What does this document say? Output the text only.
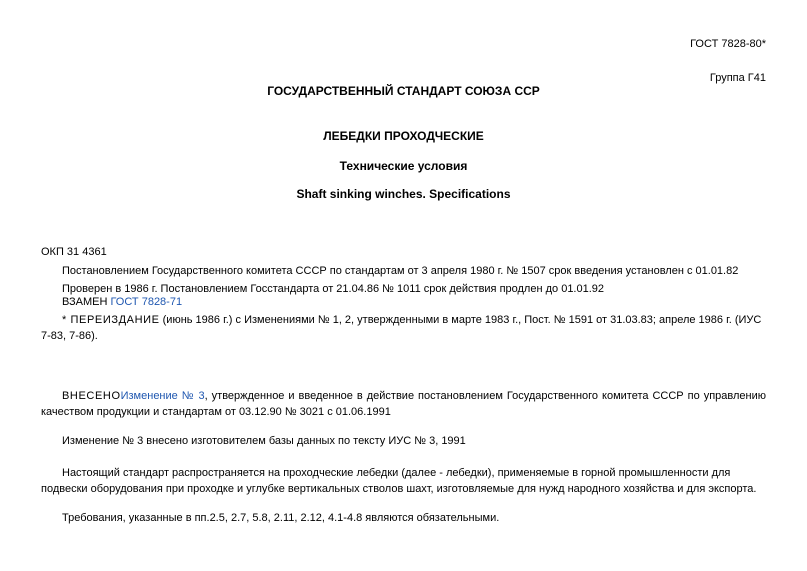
ГОСТ 7828-80*
Группа Г41
ГОСУДАРСТВЕННЫЙ СТАНДАРТ СОЮЗА ССР
ЛЕБЕДКИ ПРОХОДЧЕСКИЕ
Технические условия
Shaft sinking winches. Specifications
ОКП 31 4361
Постановлением Государственного комитета СССР по стандартам от 3 апреля 1980 г. № 1507 срок введения установлен с 01.01.82
Проверен в 1986 г. Постановлением Госстандарта от 21.04.86 № 1011 срок действия продлен до 01.01.92
ВЗАМЕН ГОСТ 7828-71
* ПЕРЕИЗДАНИЕ (июнь 1986 г.) с Изменениями № 1, 2, утвержденными в марте 1983 г., Пост. № 1591 от 31.03.83; апреле 1986 г. (ИУС 7-83, 7-86).
ВНЕСЕНОИзменение № 3, утвержденное и введенное в действие постановлением Государственного комитета СССР по управлению качеством продукции и стандартам от 03.12.90 № 3021 с 01.06.1991
Изменение № 3 внесено изготовителем базы данных по тексту ИУС № 3, 1991
Настоящий стандарт распространяется на проходческие лебедки (далее - лебедки), применяемые в горной промышленности для подвески оборудования при проходке и углубке вертикальных стволов шахт, изготовляемые для нужд народного хозяйства и для экспорта.
Требования, указанные в пп.2.5, 2.7, 5.8, 2.11, 2.12, 4.1-4.8 являются обязательными.
